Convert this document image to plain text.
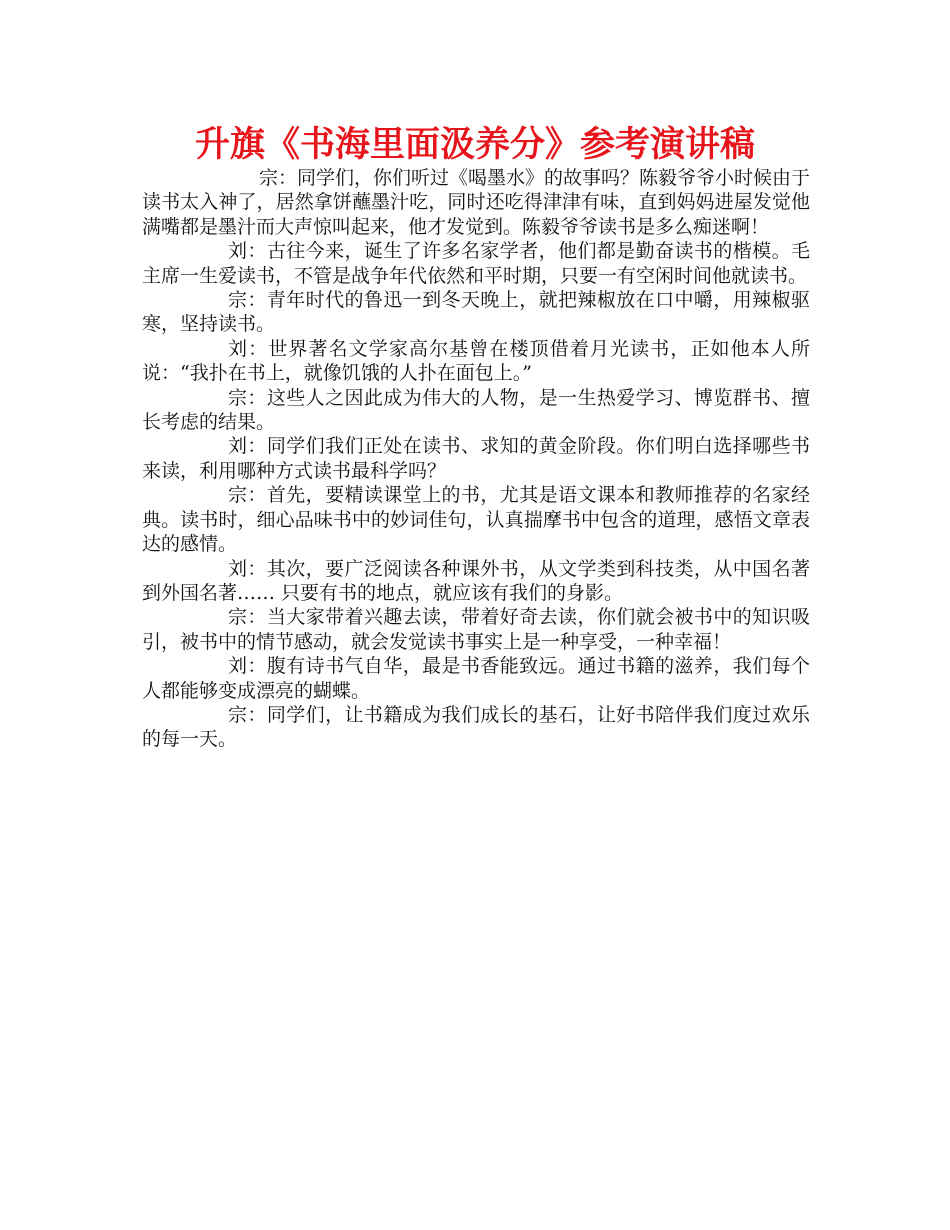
升旗《书海里面汲养分》参考演讲稿

宗：同学们，你们听过《喝墨水》的故事吗？陈毅爷爷小时候由于读书太入神了，居然拿饼蘸墨汁吃，同时还吃得津津有味，直到妈妈进屋发觉他满嘴都是墨汁而大声惊叫起来，他才发觉到。陈毅爷爷读书是多么痴迷啊！

刘：古往今来，诞生了许多名家学者，他们都是勤奋读书的楷模。毛主席一生爱读书，不管是战争年代依然和平时期，只要一有空闲时间他就读书。

宗：青年时代的鲁迅一到冬天晚上，就把辣椒放在口中嚼，用辣椒驱寒，坚持读书。

刘：世界著名文学家高尔基曾在楼顶借着月光读书，正如他本人所说：“我扑在书上，就像饥饿的人扑在面包上。”

宗：这些人之因此成为伟大的人物，是一生热爱学习、博览群书、擅长考虑的结果。

刘：同学们我们正处在读书、求知的黄金阶段。你们明白选择哪些书来读，利用哪种方式读书最科学吗？

宗：首先，要精读课堂上的书，尤其是语文课本和教师推荐的名家经典。读书时，细心品味书中的妙词佳句，认真揣摩书中包含的道理，感悟文章表达的感情。

刘：其次，要广泛阅读各种课外书，从文学类到科技类，从中国名著到外国名著…… 只要有书的地点，就应该有我们的身影。

宗：当大家带着兴趣去读，带着好奇去读，你们就会被书中的知识吸引，被书中的情节感动，就会发觉读书事实上是一种享受，一种幸福！

刘：腹有诗书气自华，最是书香能致远。通过书籍的滋养，我们每个人都能够变成漂亮的蝴蝶。

宗：同学们，让书籍成为我们成长的基石，让好书陪伴我们度过欢乐的每一天。
